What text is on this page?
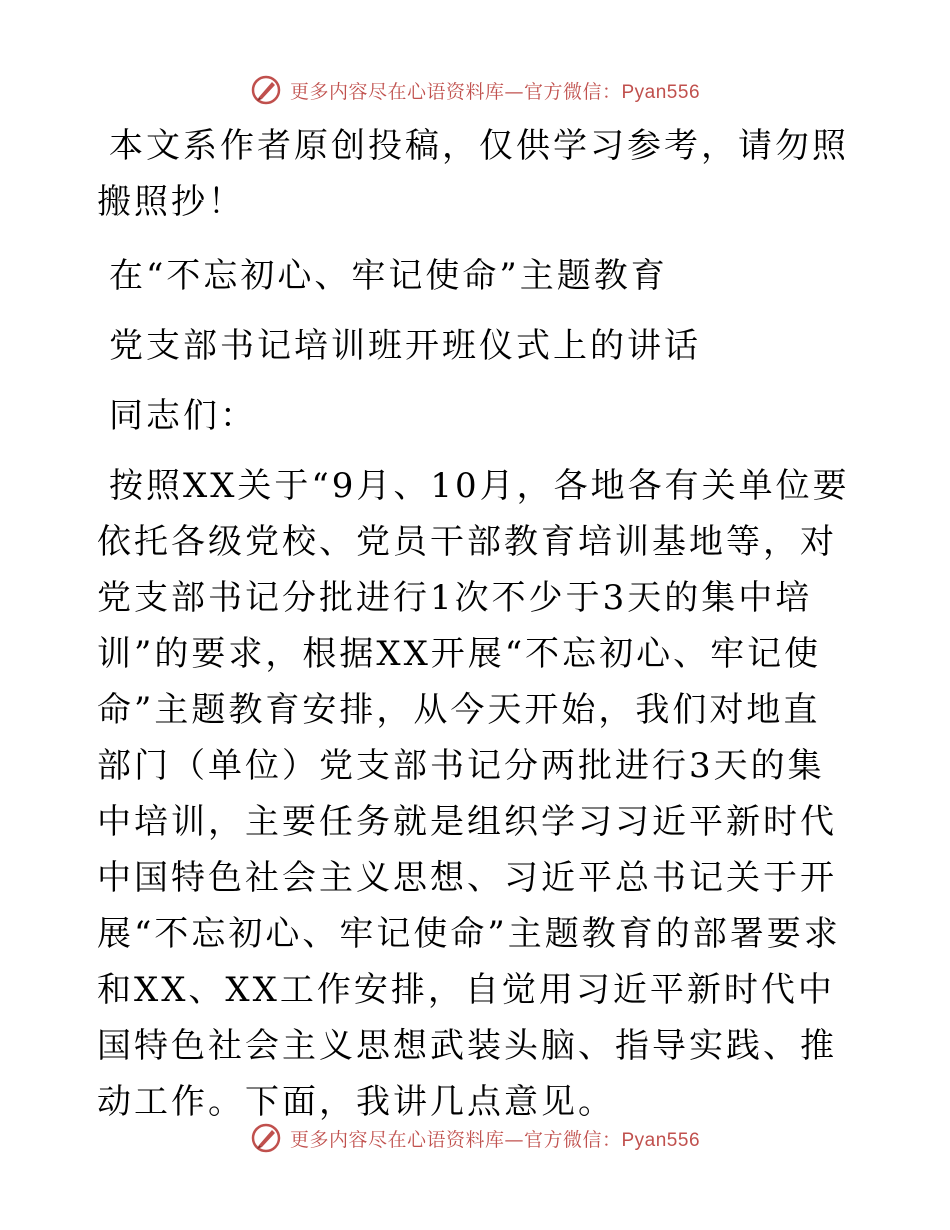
更多内容尽在心语资料库—官方微信：Pyan556

本文系作者原创投稿，仅供学习参考，请勿照搬照抄！

在“不忘初心、牢记使命”主题教育

党支部书记培训班开班仪式上的讲话

同志们：

按照XX关于“9月、10月，各地各有关单位要依托各级党校、党员干部教育培训基地等，对党支部书记分批进行1次不少于3天的集中培训”的要求，根据XX开展“不忘初心、牢记使命”主题教育安排，从今天开始，我们对地直部门（单位）党支部书记分两批进行3天的集中培训，主要任务就是组织学习习近平新时代中国特色社会主义思想、习近平总书记关于开展“不忘初心、牢记使命”主题教育的部署要求和XX、XX工作安排，自觉用习近平新时代中国特色社会主义思想武装头脑、指导实践、推动工作。下面，我讲几点意见。

更多内容尽在心语资料库—官方微信：Pyan556
